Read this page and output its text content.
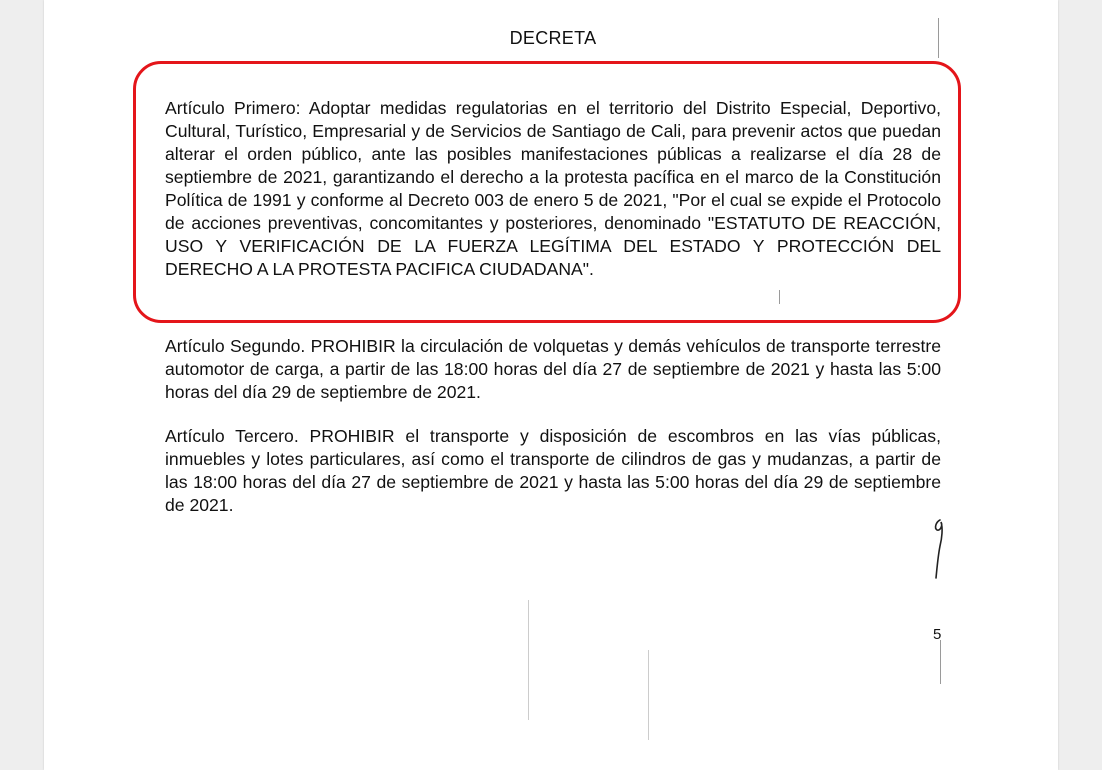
DECRETA
Artículo Primero: Adoptar medidas regulatorias en el territorio del Distrito Especial, Deportivo, Cultural, Turístico, Empresarial y de Servicios de Santiago de Cali, para prevenir actos que puedan alterar el orden público, ante las posibles manifestaciones públicas a realizarse el día 28 de septiembre de 2021, garantizando el derecho a la protesta pacífica en el marco de la Constitución Política de 1991 y conforme al Decreto 003 de enero 5 de 2021, "Por el cual se expide el Protocolo de acciones preventivas, concomitantes y posteriores, denominado "ESTATUTO DE REACCIÓN, USO Y VERIFICACIÓN DE LA FUERZA LEGÍTIMA DEL ESTADO Y PROTECCIÓN DEL DERECHO A LA PROTESTA PACIFICA CIUDADANA".
Artículo Segundo. PROHIBIR la circulación de volquetas y demás vehículos de transporte terrestre automotor de carga, a partir de las 18:00 horas del día 27 de septiembre de 2021 y hasta las 5:00 horas del día 29 de septiembre de 2021.
Artículo Tercero. PROHIBIR el transporte y disposición de escombros en las vías públicas, inmuebles y lotes particulares, así como el transporte de cilindros de gas y mudanzas, a partir de las 18:00 horas del día 27 de septiembre de 2021 y hasta las 5:00 horas del día 29 de septiembre de 2021.
5
